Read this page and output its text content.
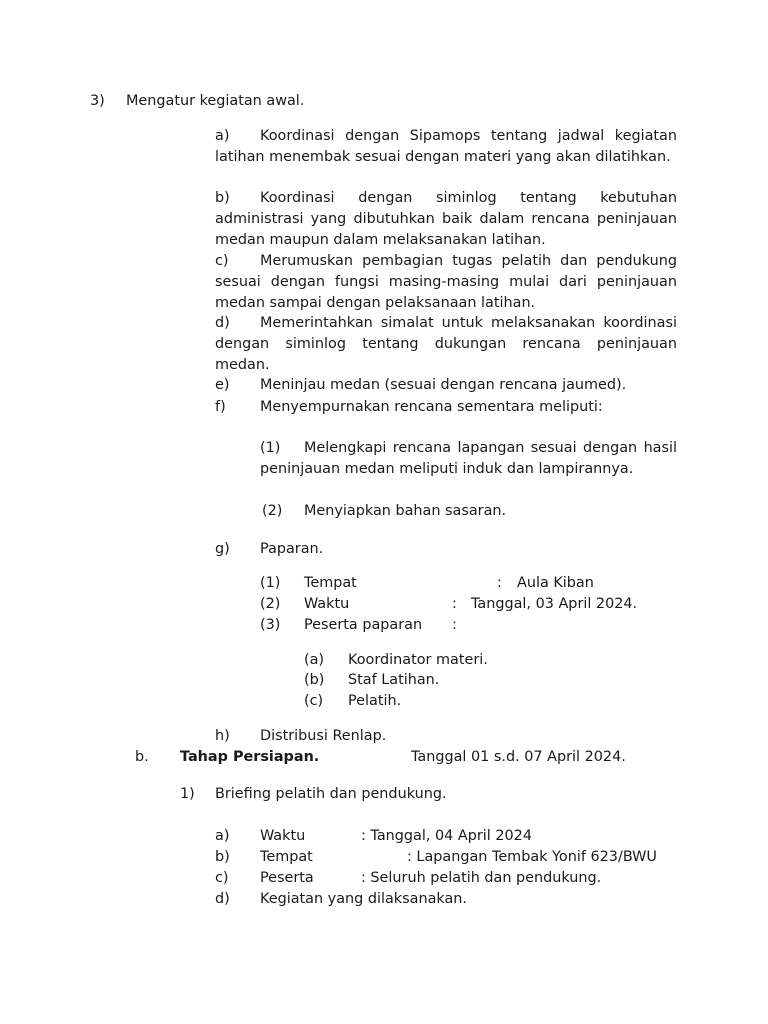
3) Mengatur kegiatan awal.
a) Koordinasi dengan Sipamops tentang jadwal kegiatan latihan menembak sesuai dengan materi yang akan dilatihkan.
b) Koordinasi dengan siminlog tentang kebutuhan administrasi yang dibutuhkan baik dalam rencana peninjauan medan maupun dalam melaksanakan latihan.
c) Merumuskan pembagian tugas pelatih dan pendukung sesuai dengan fungsi masing-masing mulai dari peninjauan medan sampai dengan pelaksanaan latihan.
d) Memerintahkan simalat untuk melaksanakan koordinasi dengan siminlog tentang dukungan rencana peninjauan medan.
e) Meninjau medan (sesuai dengan rencana jaumed).
f) Menyempurnakan rencana sementara meliputi:
(1) Melengkapi rencana lapangan sesuai dengan hasil peninjauan medan meliputi induk dan lampirannya.
(2) Menyiapkan bahan sasaran.
g) Paparan.
(1) Tempat	: Aula Kiban
(2) Waktu	: Tanggal, 03 April 2024.
(3) Peserta paparan :
(a) Koordinator materi.
(b) Staf Latihan.
(c) Pelatih.
h) Distribusi Renlap.
b. Tahap Persiapan.	Tanggal 01 s.d. 07 April 2024.
1) Briefing pelatih dan pendukung.
a) Waktu	: Tanggal, 04 April 2024
b) Tempat	: Lapangan Tembak Yonif 623/BWU
c) Peserta	: Seluruh pelatih dan pendukung.
d) Kegiatan yang dilaksanakan.
